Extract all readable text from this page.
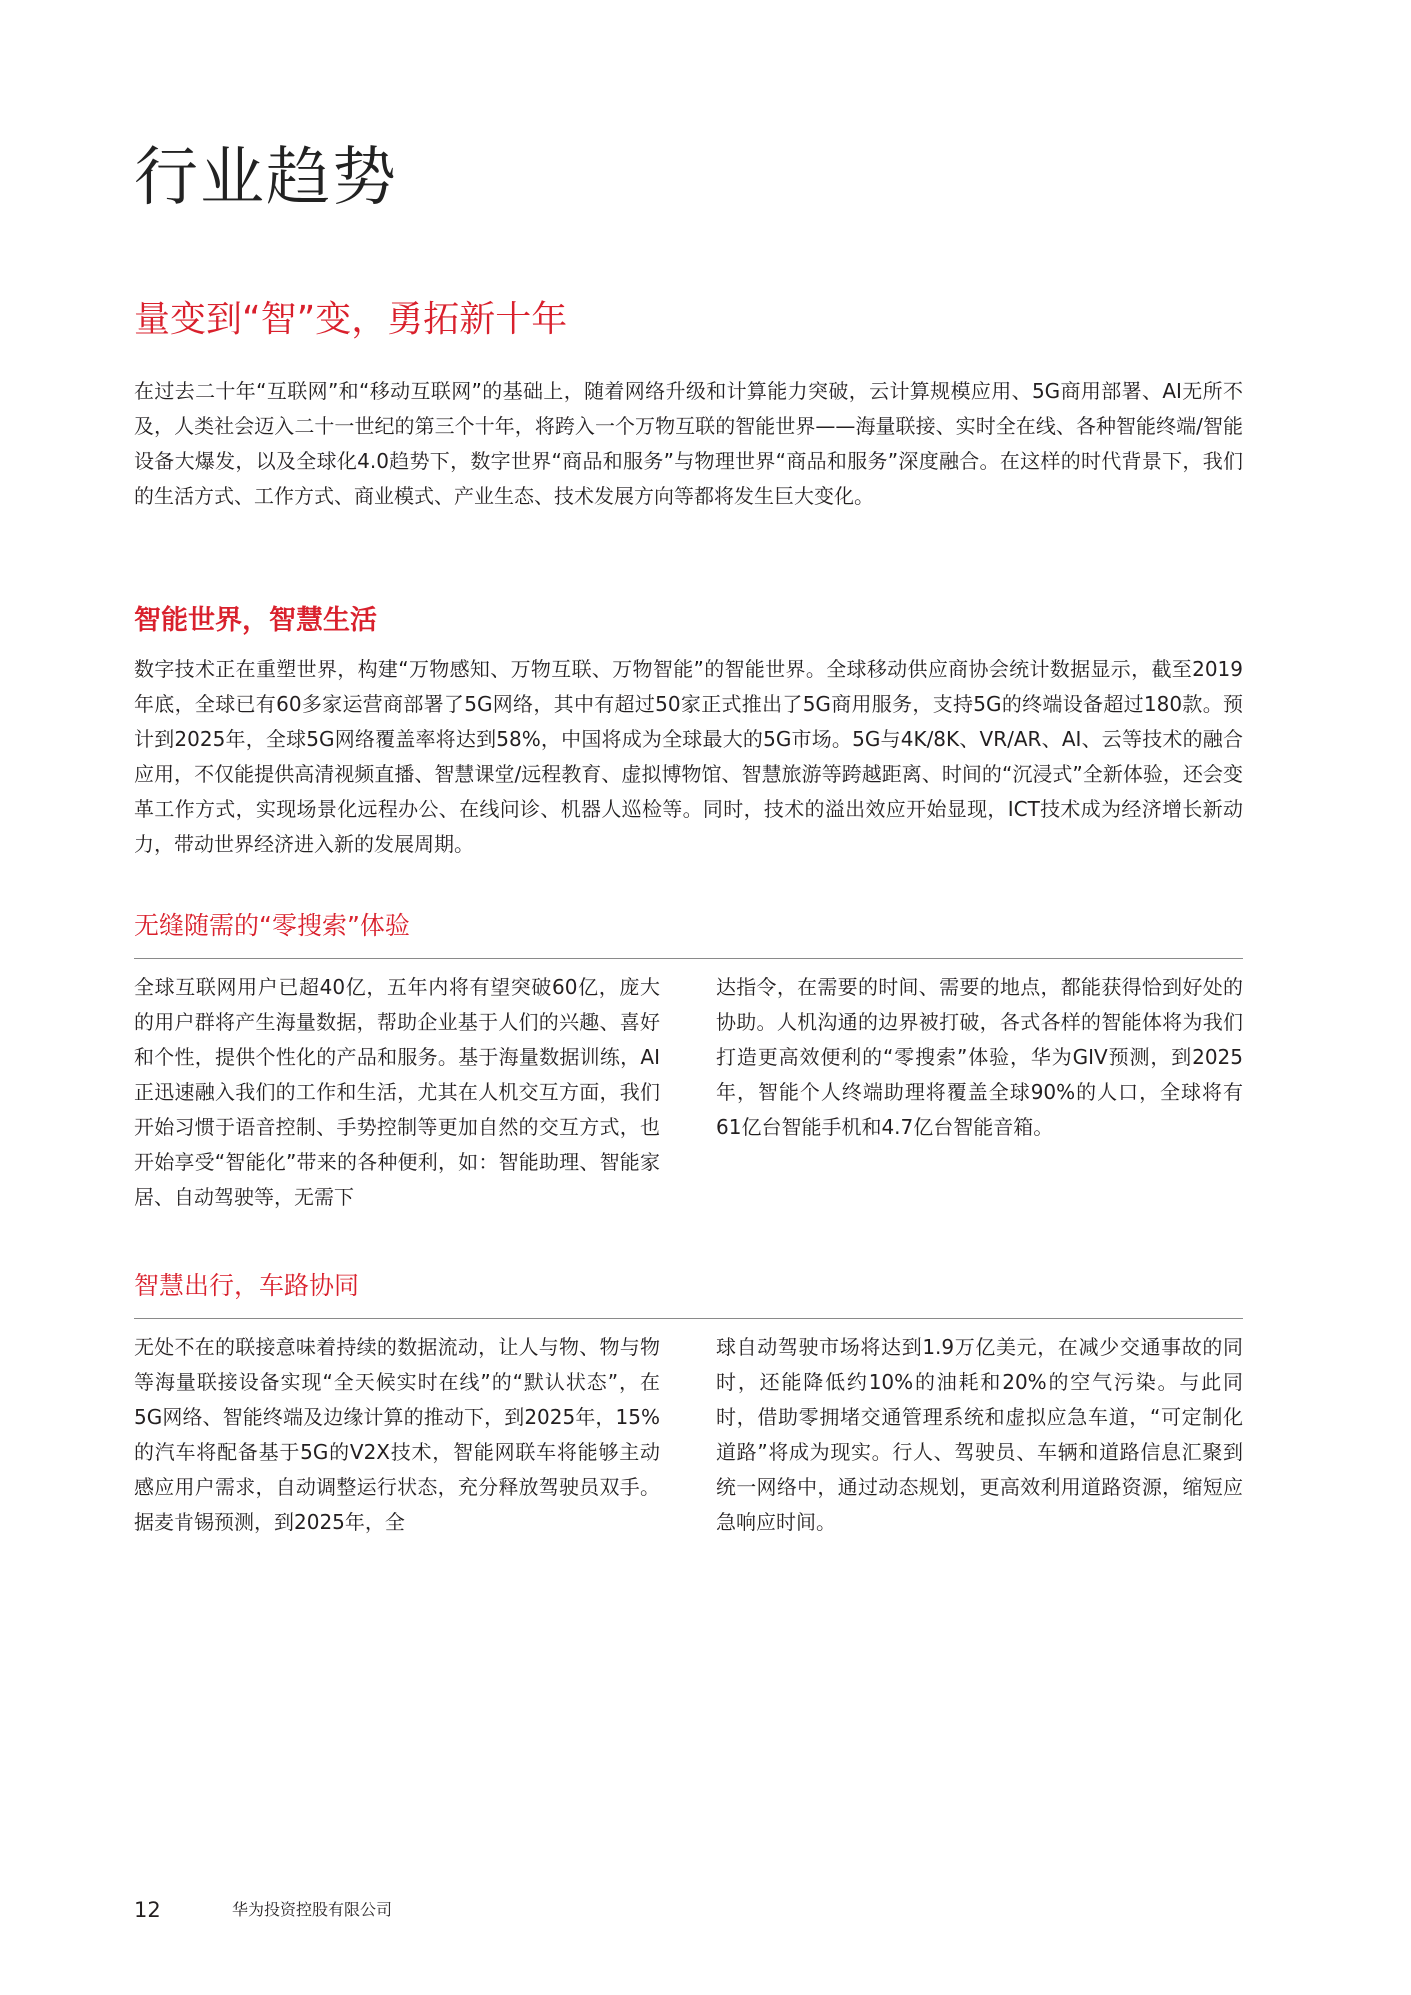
行业趋势
量变到“智”变，勇拓新十年

在过去二十年“互联网”和“移动互联网”的基础上，随着网络升级和计算能力突破，云计算规模应用、5G商用部署、AI无所不及，人类社会迈入二十一世纪的第三个十年，将跨入一个万物互联的智能世界——海量联接、实时全在线、各种智能终端/智能设备大爆发，以及全球化4.0趋势下，数字世界“商品和服务”与物理世界“商品和服务”深度融合。在这样的时代背景下，我们的生活方式、工作方式、商业模式、产业生态、技术发展方向等都将发生巨大变化。

智能世界，智慧生活

数字技术正在重塑世界，构建“万物感知、万物互联、万物智能”的智能世界。全球移动供应商协会统计数据显示，截至2019年底，全球已有60多家运营商部署了5G网络，其中有超过50家正式推出了5G商用服务，支持5G的终端设备超过180款。预计到2025年，全球5G网络覆盖率将达到58%，中国将成为全球最大的5G市场。5G与4K/8K、VR/AR、AI、云等技术的融合应用，不仅能提供高清视频直播、智慧课堂/远程教育、虚拟博物馆、智慧旅游等跨越距离、时间的“沉浸式”全新体验，还会变革工作方式，实现场景化远程办公、在线问诊、机器人巡检等。同时，技术的溢出效应开始显现，ICT技术成为经济增长新动力，带动世界经济进入新的发展周期。

无缝随需的“零搜索”体验

全球互联网用户已超40亿，五年内将有望突破60亿，庞大的用户群将产生海量数据，帮助企业基于人们的兴趣、喜好和个性，提供个性化的产品和服务。基于海量数据训练，AI正迅速融入我们的工作和生活，尤其在人机交互方面，我们开始习惯于语音控制、手势控制等更加自然的交互方式，也开始享受“智能化”带来的各种便利，如：智能助理、智能家居、自动驾驶等，无需下

达指令，在需要的时间、需要的地点，都能获得恰到好处的协助。人机沟通的边界被打破，各式各样的智能体将为我们打造更高效便利的“零搜索”体验，华为GIV预测，到2025年，智能个人终端助理将覆盖全球90%的人口，全球将有61亿台智能手机和4.7亿台智能音箱。

智慧出行，车路协同

无处不在的联接意味着持续的数据流动，让人与物、物与物等海量联接设备实现“全天候实时在线”的“默认状态”，在5G网络、智能终端及边缘计算的推动下，到2025年，15%的汽车将配备基于5G的V2X技术，智能网联车将能够主动感应用户需求，自动调整运行状态，充分释放驾驶员双手。据麦肯锡预测，到2025年，全

球自动驾驶市场将达到1.9万亿美元，在减少交通事故的同时，还能降低约10%的油耗和20%的空气污染。与此同时，借助零拥堵交通管理系统和虚拟应急车道，“可定制化道路”将成为现实。行人、驾驶员、车辆和道路信息汇聚到统一网络中，通过动态规划，更高效利用道路资源，缩短应急响应时间。

12	华为投资控股有限公司
